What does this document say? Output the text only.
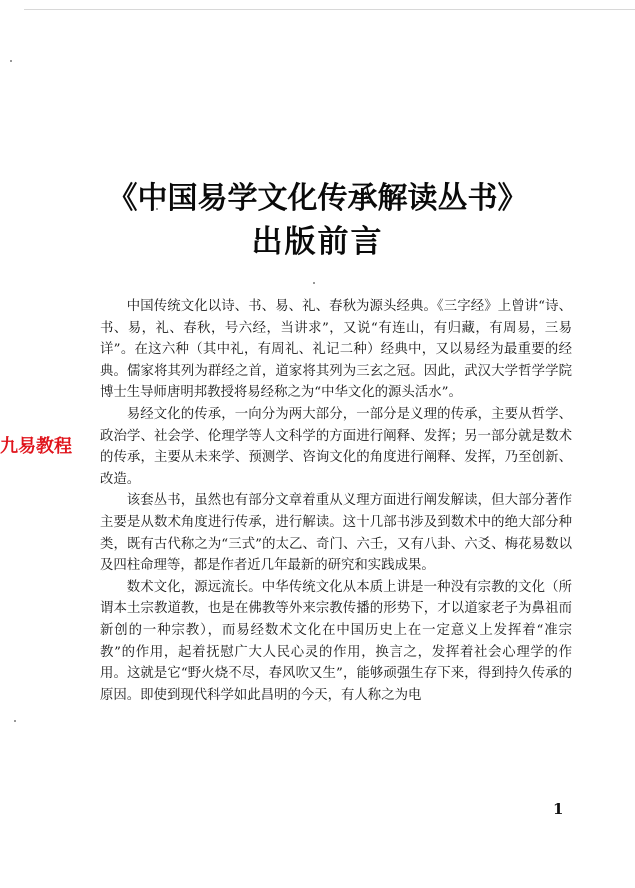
《中国易学文化传承解读丛书》
出版前言

中国传统文化以诗、书、易、礼、春秋为源头经典。《三字经》上曾讲“诗、书、易，礼、春秋，号六经，当讲求”，又说“有连山，有归藏，有周易，三易详”。在这六种（其中礼，有周礼、礼记二种）经典中，又以易经为最重要的经典。儒家将其列为群经之首，道家将其列为三玄之冠。因此，武汉大学哲学学院博士生导师唐明邦教授将易经称之为“中华文化的源头活水”。

易经文化的传承，一向分为两大部分，一部分是义理的传承，主要从哲学、政治学、社会学、伦理学等人文科学的方面进行阐释、发挥；另一部分就是数术的传承，主要从未来学、预测学、咨询文化的角度进行阐释、发挥，乃至创新、改造。

该套丛书，虽然也有部分文章着重从义理方面进行阐发解读，但大部分著作主要是从数术角度进行传承，进行解读。这十几部书涉及到数术中的绝大部分种类，既有古代称之为“三式”的太乙、奇门、六壬，又有八卦、六爻、梅花易数以及四柱命理等，都是作者近几年最新的研究和实践成果。

数术文化，源远流长。中华传统文化从本质上讲是一种没有宗教的文化（所谓本土宗教道教，也是在佛教等外来宗教传播的形势下，才以道家老子为鼻祖而新创的一种宗教），而易经数术文化在中国历史上在一定意义上发挥着“准宗教”的作用，起着抚慰广大人民心灵的作用，换言之，发挥着社会心理学的作用。这就是它“野火烧不尽，春风吹又生”，能够顽强生存下来，得到持久传承的原因。即使到现代科学如此昌明的今天，有人称之为电

九易教程
1
